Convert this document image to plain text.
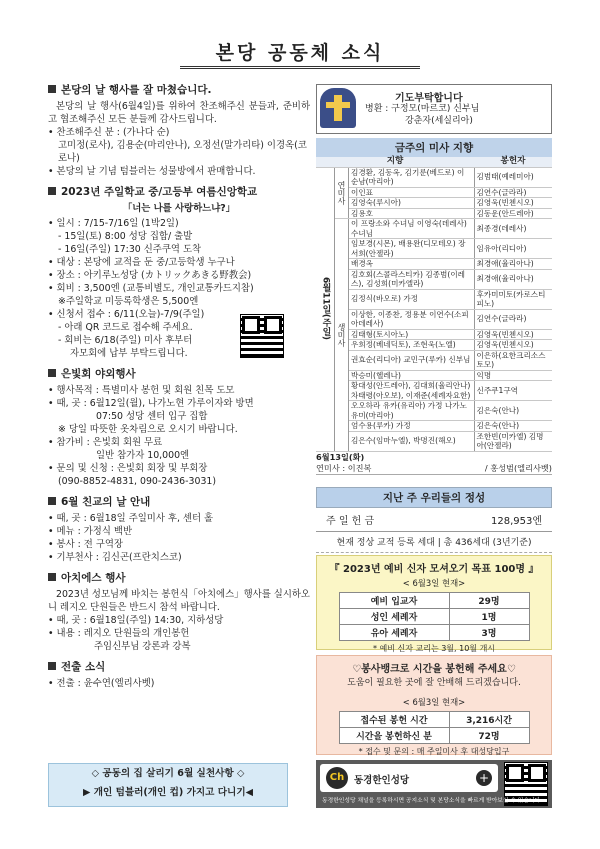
본당 공동체 소식
본당의 날 행사를 잘 마쳤습니다.
본당의 날 행사(6월4일)를 위하여 찬조해주신 분들과, 준비하고 협조해주신 모든 분들께 감사드립니다.
• 찬조해주신 분 : (가나다 순)
고미정(로사), 김용순(마리안나), 오정선(말가리타) 이경옥(코로나)
• 본당의 날 기념 텀블러는 성물방에서 판매합니다.
2023년 주일학교 중/고등부 여름신앙학교
「너는 나를 사랑하느냐?」
• 일시 : 7/15-7/16일 (1박2일)
- 15일(토) 8:00 성당 집합/ 출발
- 16일(주일) 17:30 신주쿠역 도착
• 대상 : 본당에 교적을 둔 중/고등학생 누구나
• 장소 : 아키루노성당 (カトリックあきる野教会)
• 회비 : 3,500엔 (교통비별도, 개인교통카드지참)
※주일학교 미등록학생은 5,500엔
• 신청서 접수 : 6/11(오늘)-7/9(주일)
- 아래 QR 코드로 접수해 주세요.
- 회비는 6/18(주일) 미사 후부터
자모회에 납부 부탁드립니다.
은빛회 야외행사
• 행사목적 : 특별미사 봉헌 및 회원 친목 도모
• 때, 곳 : 6월12일(월), 나가노현 가루이자와 방면
07:50 성당 센터 입구 집합
※ 당일 따뜻한 옷차림으로 오시기 바랍니다.
• 참가비 : 은빛회 회원 무료
일반 참가자 10,000엔
• 문의 및 신청 : 은빛회 회장 및 부회장
(090-8852-4831, 090-2436-3031)
6월 친교의 날 안내
• 때, 곳 : 6월18일 주일미사 후, 센터 홀
• 메뉴 : 가정식 백반
• 봉사 : 전 구역장
• 기부천사 : 김신곤(프란치스코)
아치에스 행사
2023년 성모님께 바치는 봉헌식「아치에스」행사를 실시하오니 레지오 단원들은 반드시 참석 바랍니다.
• 때, 곳 : 6월18일(주일) 14:30, 지하성당
• 내용 : 레지오 단원들의 개인봉헌
주임신부님 강론과 강복
전출 소식
• 전출 : 윤수연(엘리사벳)
◇ 공동의 집 살리기 6월 실천사항 ◇
▶ 개인 텀블러(개인 컵) 가지고 다니기◀
기도부탁합니다
병환 : 구정모(마르코) 신부님
강춘자(세실리아)
금주의 미사 지향
지향			봉헌자

6월11일(주일)	연미사	김경환, 김동옥, 김기룬(베드로) 이순남(마리아)	김범태(예레미아)
		이인표	김연수(글라라)
		김영숙(루시아)	김영욱(빈첸시오)
		김용호	김동운(안드레아)

	생미사	이 프랑소와 수녀님 이영숙(데레사) 수녀님	최종경(데레사)
		임보경(시몬), 배용완(디모테오) 장서희(안젤라)	임유아(리디아)
		배경옥	최경애(율리아나)
		김호회(스콜라스티카) 김종범(이레스), 김성희(미카엘라)	최경애(율리아나)
		김정식(바오로) 가정	후카미미토(카로스티피노)
		이상한, 이종찬, 정용분 이연수(소피아데레사)	김연수(글라라)
		김태형(토시아노)	김영욱(빈첸시오)
		우희정(베네딕토), 조현욱(노엘)	김영욱(빈첸시오)
		권효순(리디아) 교민구(루카) 신부님	이은하(요한크리소스토모)
		박승미(헬레나)	익명
		황대성(안드레아), 김대희(율리안나) 차태령(아오보), 이재준(세례자요한)	신주쿠1구역
		오오하라 유카(유리아) 가정 나가노 유미(마리아)	김은숙(안나)
		엄수용(루카) 가정	김은숙(안나)
		김은수(임마누엘), 박명진(해오)	조한빈(미카엘) 김명아(안젤라)
6월13일(화)
연미사 : 이진복	/ 홍성범(엘리사벳)
지난 주 우리들의 정성
주 일 헌 금	128,953엔
현재 정상 교적 등록 세대 | 총 436세대 (3년기준)
『 2023년 예비 신자 모셔오기 목표 100명 』
< 6월3일 현재>
예비 입교자	29명
성인 세례자	1명
유아 세례자	3명
* 예비 신자 교리는 3월, 10월 개시
♡봉사뱅크로 시간을 봉헌해 주세요♡
도움이 필요한 곳에 잘 안배해 드리겠습니다.
< 6월3일 현재>
접수된 봉헌 시간	3,216시간
시간을 봉헌하신 분	72명
* 접수 및 문의 : 매 주일미사 후 대성당입구
Ch	동경한인성당	+
동경한인성당 채널을 등록하시면 공지소식 및 본당소식을 빠르게 받아보실 수 있습니다.
